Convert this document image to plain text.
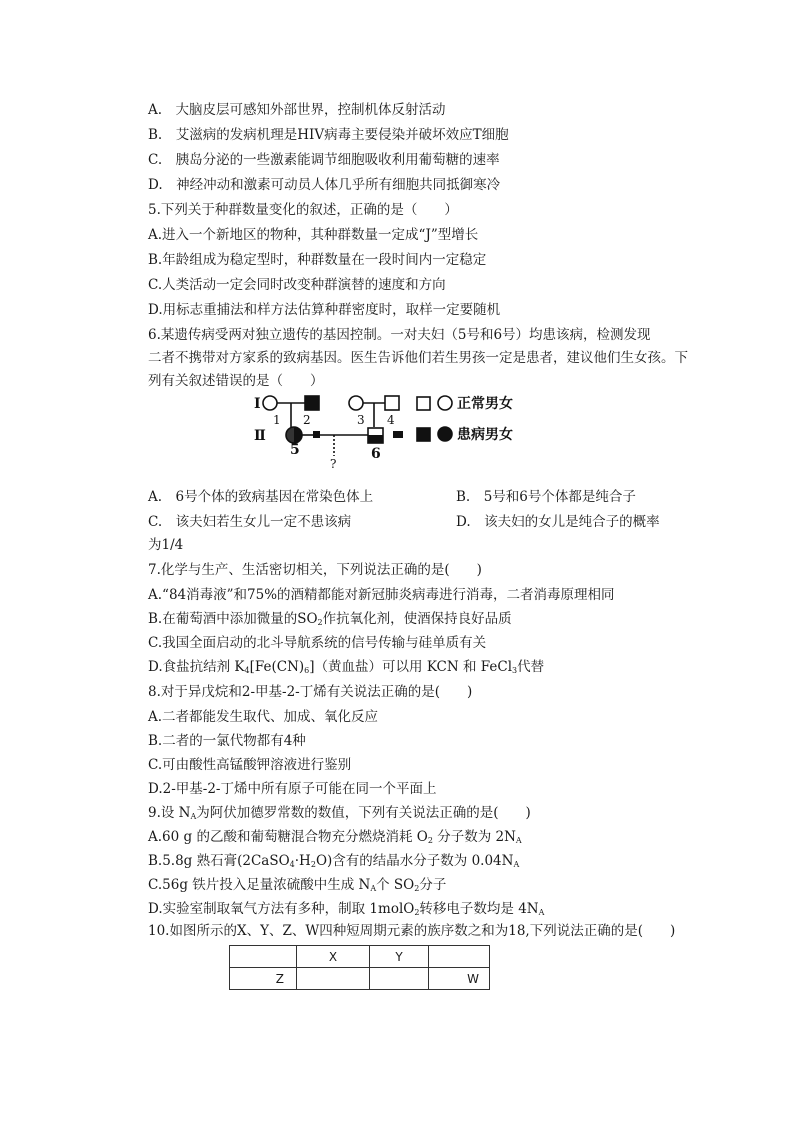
A.　大脑皮层可感知外部世界，控制机体反射活动
B.　艾滋病的发病机理是HIV病毒主要侵染并破坏效应T细胞
C.　胰岛分泌的一些激素能调节细胞吸收利用葡萄糖的速率
D.　神经冲动和激素可动员人体几乎所有细胞共同抵御寒冷
5.下列关于种群数量变化的叙述，正确的是（　　）
A.进入一个新地区的物种，其种群数量一定成“J”型增长
B.年龄组成为稳定型时，种群数量在一段时间内一定稳定
C.人类活动一定会同时改变种群演替的速度和方向
D.用标志重捕法和样方法估算种群密度时，取样一定要随机
6.某遗传病受两对独立遗传的基因控制。一对夫妇（5号和6号）均患该病，检测发现
二者不携带对方家系的致病基因。医生告诉他们若生男孩一定是患者，建议他们生女孩。下
列有关叙述错误的是（　　）
Ⅰ
Ⅱ
5	6
1 2	3 4
?
正常男女
患病男女
A.　6号个体的致病基因在常染色体上	B.　5号和6号个体都是纯合子
C.　该夫妇若生女儿一定不患该病	D.　该夫妇的女儿是纯合子的概率
为1/4
7.化学与生产、生活密切相关，下列说法正确的是(　　)
A.“84消毒液”和75%的酒精都能对新冠肺炎病毒进行消毒，二者消毒原理相同
B.在葡萄酒中添加微量的$SO_2$作抗氧化剂，使酒保持良好品质
C.我国全面启动的北斗导航系统的信号传输与硅单质有关
D.食盐抗结剂 $K_4[Fe(CN)_6]$（黄血盐）可以用 KCN 和 FeCl$_3$代替
8.对于异戊烷和2-甲基-2-丁烯有关说法正确的是(　　)
A.二者都能发生取代、加成、氧化反应
B.二者的一氯代物都有4种
C.可由酸性高锰酸钾溶液进行鉴别
D.2-甲基-2-丁烯中所有原子可能在同一个平面上
9.设 $N_A$为阿伏加德罗常数的数值，下列有关说法正确的是(　　)
A.60 g 的乙酸和葡萄糖混合物充分燃烧消耗 $O_2$ 分子数为 $2N_A$
B.5.8g 熟石膏$(2CaSO_4\cdot H_2O)$含有的结晶水分子数为 $0.04N_A$
C.56g 铁片投入足量浓硫酸中生成 $N_A$个 $SO_2$分子
D.实验室制取氧气方法有多种，制取 1molO$_2$转移电子数均是 $4N_A$
10.如图所示的X、Y、Z、W四种短周期元素的族序数之和为18,下列说法正确的是(　　)
	X	Y	
Z			W
